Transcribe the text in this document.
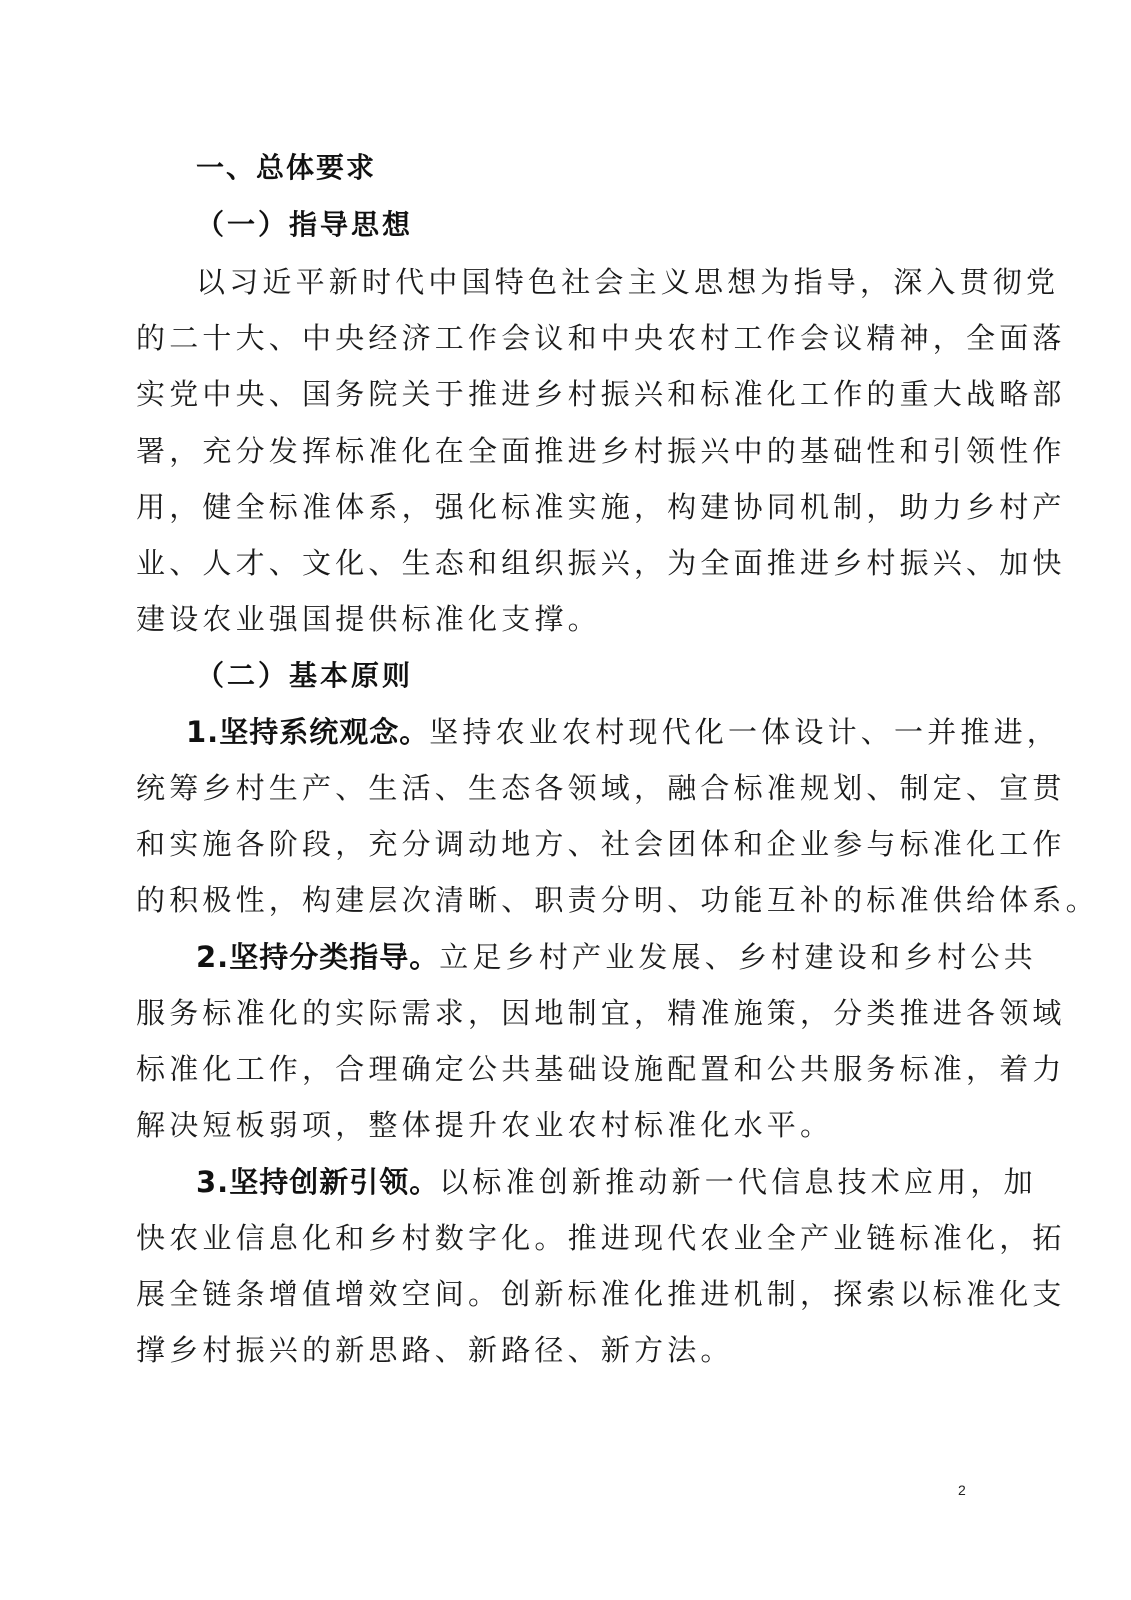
一、总体要求
（一）指导思想
以习近平新时代中国特色社会主义思想为指导，深入贯彻党
的二十大、中央经济工作会议和中央农村工作会议精神，全面落
实党中央、国务院关于推进乡村振兴和标准化工作的重大战略部
署，充分发挥标准化在全面推进乡村振兴中的基础性和引领性作
用，健全标准体系，强化标准实施，构建协同机制，助力乡村产
业、人才、文化、生态和组织振兴，为全面推进乡村振兴、加快
建设农业强国提供标准化支撑。
（二）基本原则
1.坚持系统观念。坚持农业农村现代化一体设计、一并推进，
统筹乡村生产、生活、生态各领域，融合标准规划、制定、宣贯
和实施各阶段，充分调动地方、社会团体和企业参与标准化工作
的积极性，构建层次清晰、职责分明、功能互补的标准供给体系。
2.坚持分类指导。立足乡村产业发展、乡村建设和乡村公共
服务标准化的实际需求，因地制宜，精准施策，分类推进各领域
标准化工作，合理确定公共基础设施配置和公共服务标准，着力
解决短板弱项，整体提升农业农村标准化水平。
3.坚持创新引领。以标准创新推动新一代信息技术应用，加
快农业信息化和乡村数字化。推进现代农业全产业链标准化，拓
展全链条增值增效空间。创新标准化推进机制，探索以标准化支
撑乡村振兴的新思路、新路径、新方法。
2
